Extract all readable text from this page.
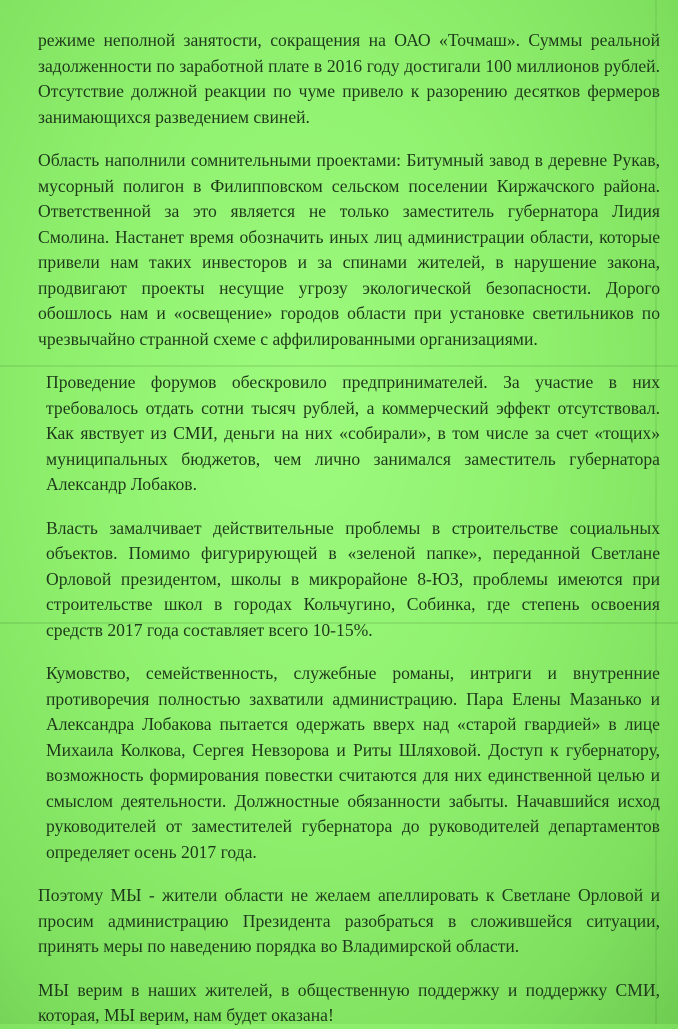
режиме неполной занятости, сокращения на ОАО «Точмаш». Суммы реальной задолженности по заработной плате в 2016 году достигали 100 миллионов рублей. Отсутствие должной реакции по чуме привело к разорению десятков фермеров занимающихся разведением свиней.

Область наполнили сомнительными проектами: Битумный завод в деревне Рукав, мусорный полигон в Филипповском сельском поселении Киржачского района. Ответственной за это является не только заместитель губернатора Лидия Смолина. Настанет время обозначить иных лиц администрации области, которые привели нам таких инвесторов и за спинами жителей, в нарушение закона, продвигают проекты несущие угрозу экологической безопасности. Дорого обошлось нам и «освещение» городов области при установке светильников по чрезвычайно странной схеме с аффилированными организациями.

Проведение форумов обескровило предпринимателей. За участие в них требовалось отдать сотни тысяч рублей, а коммерческий эффект отсутствовал. Как явствует из СМИ, деньги на них «собирали», в том числе за счет «тощих» муниципальных бюджетов, чем лично занимался заместитель губернатора Александр Лобаков.

Власть замалчивает действительные проблемы в строительстве социальных объектов. Помимо фигурирующей в «зеленой папке», переданной Светлане Орловой президентом, школы в микрорайоне 8-ЮЗ, проблемы имеются при строительстве школ в городах Кольчугино, Собинка, где степень освоения средств 2017 года составляет всего 10-15%.

Кумовство, семейственность, служебные романы, интриги и внутренние противоречия полностью захватили администрацию. Пара Елены Мазанько и Александра Лобакова пытается одержать вверх над «старой гвардией» в лице Михаила Колкова, Сергея Невзорова и Риты Шляховой. Доступ к губернатору, возможность формирования повестки считаются для них единственной целью и смыслом деятельности. Должностные обязанности забыты. Начавшийся исход руководителей от заместителей губернатора до руководителей департаментов определяет осень 2017 года.

Поэтому МЫ - жители области не желаем апеллировать к Светлане Орловой и просим администрацию Президента разобраться в сложившейся ситуации, принять меры по наведению порядка во Владимирской области.

МЫ верим в наших жителей, в общественную поддержку и поддержку СМИ, которая, МЫ верим, нам будет оказана!
